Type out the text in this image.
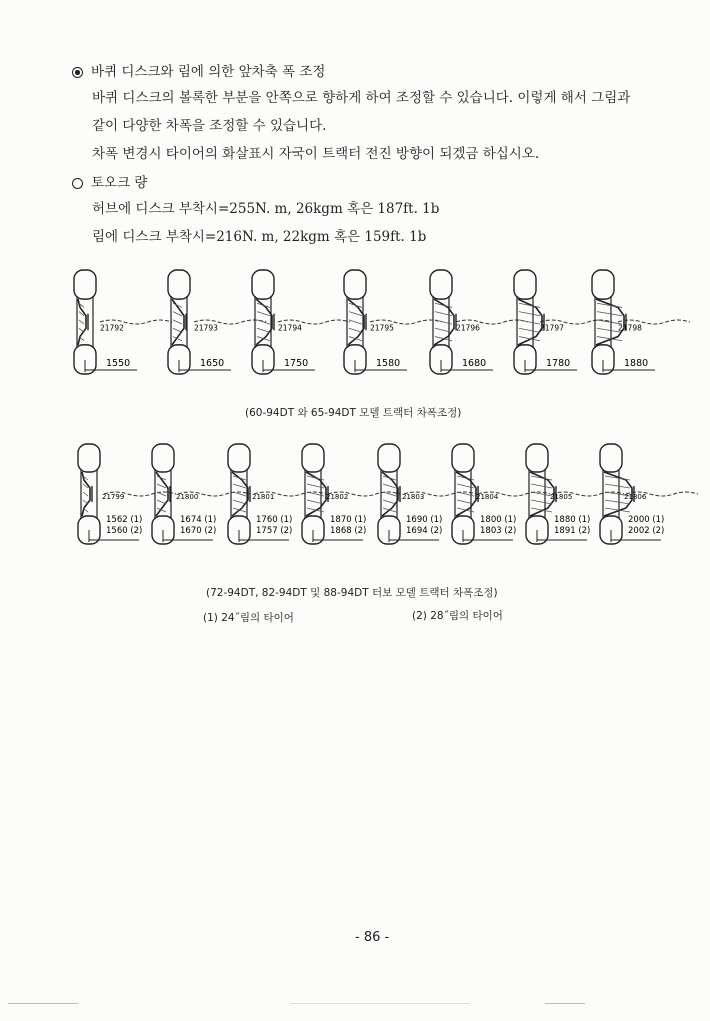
바퀴 디스크와 림에 의한 앞차축 폭 조정
바퀴 디스크의 볼록한 부분을 안쪽으로 향하게 하여 조정할 수 있습니다. 이렇게 해서 그림과
같이 다양한 차폭을 조정할 수 있습니다.
차폭 변경시 타이어의 화살표시 자국이 트랙터 전진 방향이 되겠금 하십시오.
토오크 량
허브에 디스크 부착시=255N. m, 26kgm 혹은 187ft. 1b
림에 디스크 부착시=216N. m, 22kgm 혹은 159ft. 1b
21792
1550
21793
1650
21794
1750
21795
1580
21796
1680
21797
1780
21798
1880
(60-94DT 와 65-94DT 모델 트랙터 차폭조정)
21799
1562 (1)
1560 (2)
21800
1674 (1)
1670 (2)
21801
1760 (1)
1757 (2)
21802
1870 (1)
1868 (2)
21803
1690 (1)
1694 (2)
21804
1800 (1)
1803 (2)
21805
1880 (1)
1891 (2)
21806
2000 (1)
2002 (2)
(72-94DT, 82-94DT 및 88-94DT 터보 모델 트랙터 차폭조정)
(1) 24˝림의 타이어	(2) 28˝림의 타이어
- 86 -
